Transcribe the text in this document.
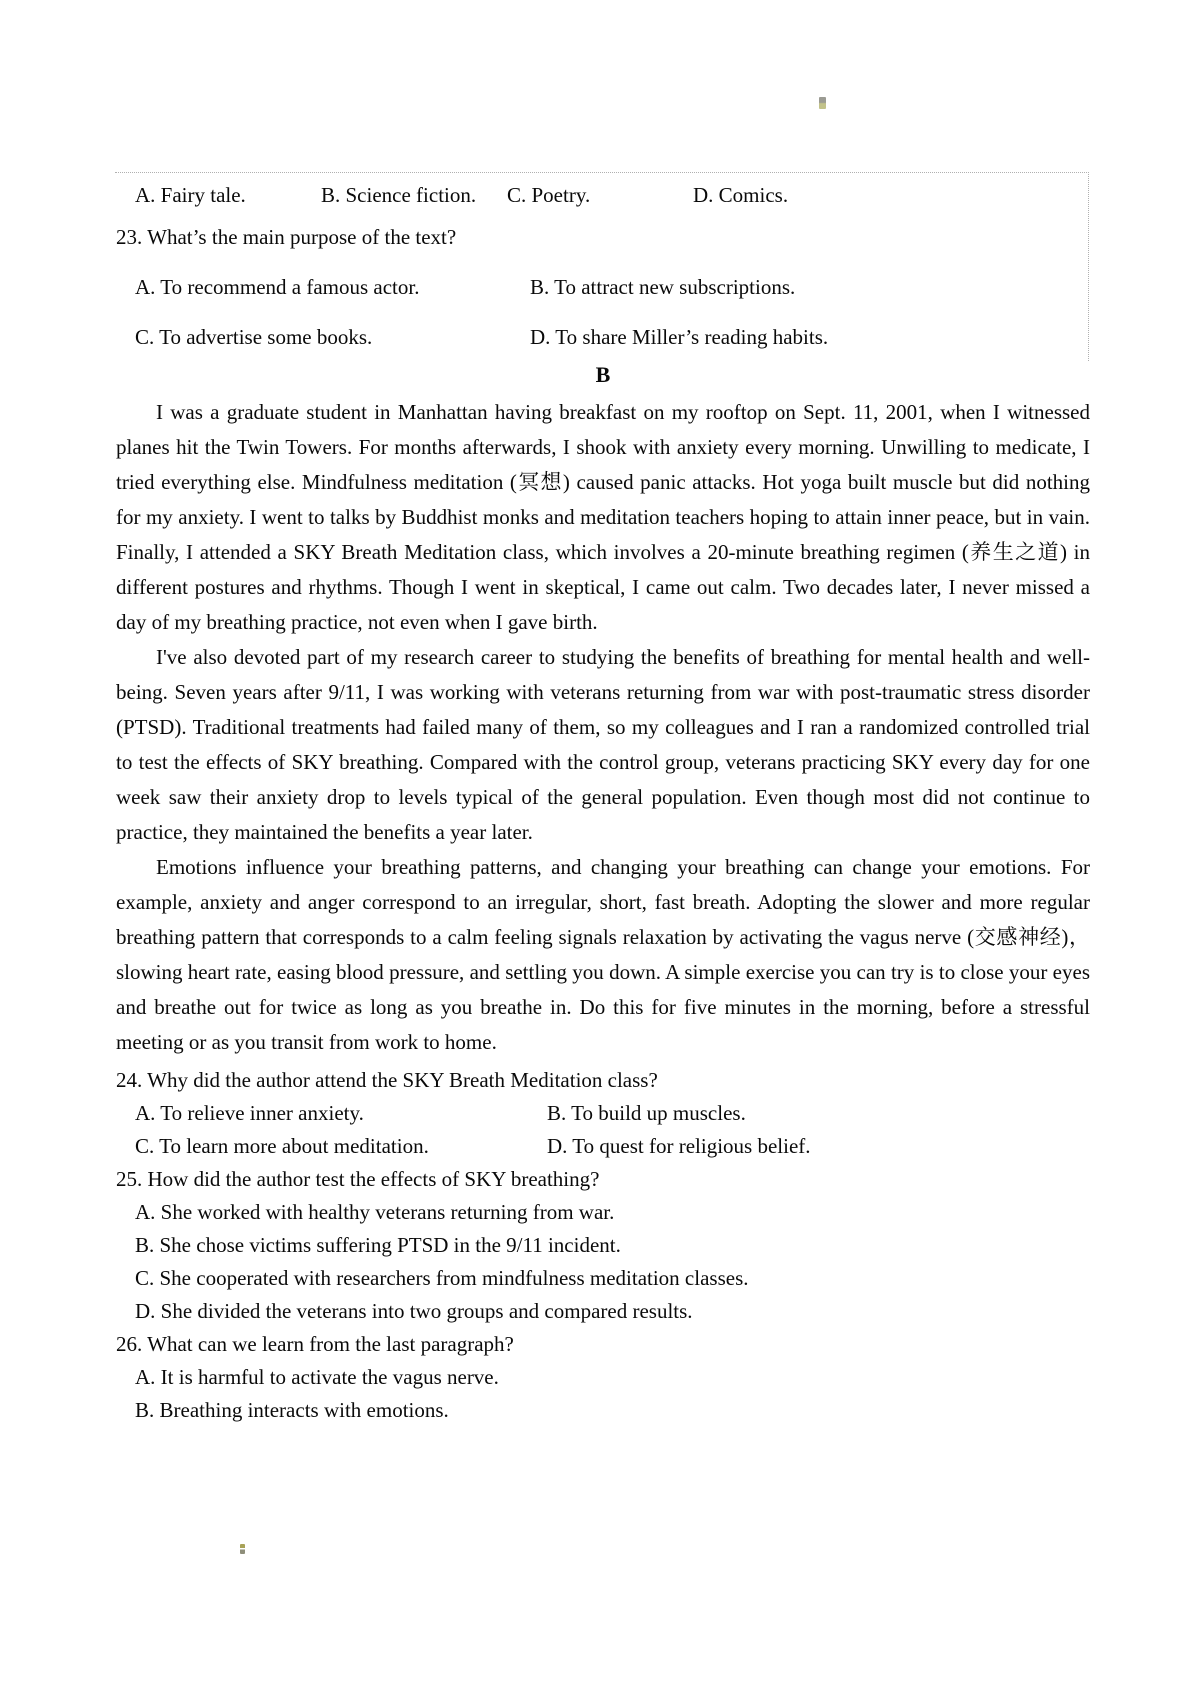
A. Fairy tale.	B. Science fiction.	C. Poetry.	D. Comics.
23. What’s the main purpose of the text?
A. To recommend a famous actor.	B. To attract new subscriptions.
C. To advertise some books.	D. To share Miller’s reading habits.
B

I was a graduate student in Manhattan having breakfast on my rooftop on Sept. 11, 2001, when I witnessed planes hit the Twin Towers. For months afterwards, I shook with anxiety every morning. Unwilling to medicate, I tried everything else. Mindfulness meditation (冥想) caused panic attacks. Hot yoga built muscle but did nothing for my anxiety. I went to talks by Buddhist monks and meditation teachers hoping to attain inner peace, but in vain. Finally, I attended a SKY Breath Meditation class, which involves a 20-minute breathing regimen (养生之道) in different postures and rhythms. Though I went in skeptical, I came out calm. Two decades later, I never missed a day of my breathing practice, not even when I gave birth.

I've also devoted part of my research career to studying the benefits of breathing for mental health and well-being. Seven years after 9/11, I was working with veterans returning from war with post-traumatic stress disorder (PTSD). Traditional treatments had failed many of them, so my colleagues and I ran a randomized controlled trial to test the effects of SKY breathing. Compared with the control group, veterans practicing SKY every day for one week saw their anxiety drop to levels typical of the general population. Even though most did not continue to practice, they maintained the benefits a year later.

Emotions influence your breathing patterns, and changing your breathing can change your emotions. For example, anxiety and anger correspond to an irregular, short, fast breath. Adopting the slower and more regular breathing pattern that corresponds to a calm feeling signals relaxation by activating the vagus nerve (交感神经)，slowing heart rate, easing blood pressure, and settling you down. A simple exercise you can try is to close your eyes and breathe out for twice as long as you breathe in. Do this for five minutes in the morning, before a stressful meeting or as you transit from work to home.

24. Why did the author attend the SKY Breath Meditation class?
A. To relieve inner anxiety.	B. To build up muscles.
C. To learn more about meditation.	D. To quest for religious belief.
25. How did the author test the effects of SKY breathing?
A. She worked with healthy veterans returning from war.
B. She chose victims suffering PTSD in the 9/11 incident.
C. She cooperated with researchers from mindfulness meditation classes.
D. She divided the veterans into two groups and compared results.
26. What can we learn from the last paragraph?
A. It is harmful to activate the vagus nerve.
B. Breathing interacts with emotions.
